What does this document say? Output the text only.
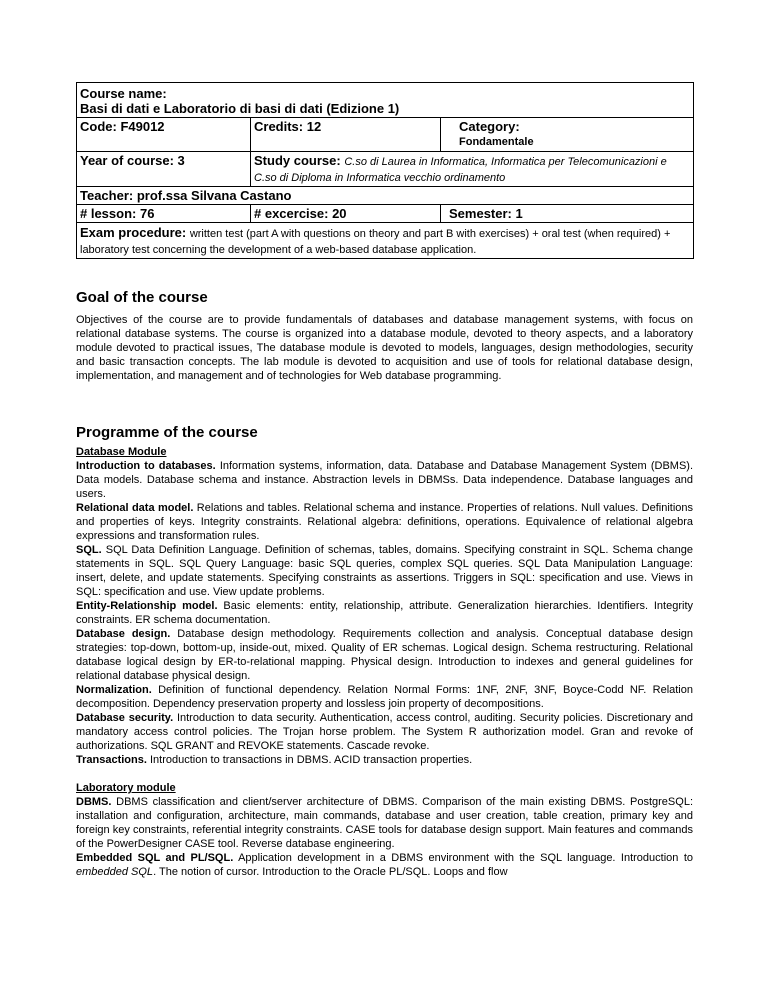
Course name:
Basi di dati e Laboratorio di basi di dati (Edizione 1)		

Code: F49012	Credits: 12	Category:
Fondamentale

Year of course: 3	Study course: C.so di Laurea in Informatica, Informatica per Telecomunicazioni e C.so di Diploma in Informatica vecchio ordinamento	
Teacher: prof.ssa Silvana Castano		
# lesson: 76	# excercise: 20	Semester: 1
Exam procedure: written test (part A with questions on theory and part B with exercises) + oral test (when required) + laboratory test concerning the development of a web-based database application.		
Goal of the course
Objectives of the course are to provide fundamentals of databases and database management systems, with focus on relational database systems. The course is organized into a database module, devoted to theory aspects, and a laboratory module devoted to practical issues, The database module is devoted to models, languages, design methodologies, security and basic transaction concepts. The lab module is devoted to acquisition and use of tools for relational database design, implementation, and management and of technologies for Web database programming.
Programme of the course

Database Module

Introduction to databases. Information systems, information, data. Database and Database Management System (DBMS). Data models. Database schema and instance. Abstraction levels in DBMSs. Data independence. Database languages and users.

Relational data model. Relations and tables. Relational schema and instance. Properties of relations. Null values. Definitions and properties of keys. Integrity constraints. Relational algebra: definitions, operations. Equivalence of relational algebra expressions and transformation rules.

SQL. SQL Data Definition Language. Definition of schemas, tables, domains. Specifying constraint in SQL. Schema change statements in SQL. SQL Query Language: basic SQL queries, complex SQL queries. SQL Data Manipulation Language: insert, delete, and update statements. Specifying constraints as assertions. Triggers in SQL: specification and use. Views in SQL: specification and use. View update problems.

Entity-Relationship model. Basic elements: entity, relationship, attribute. Generalization hierarchies. Identifiers. Integrity constraints. ER schema documentation.

Database design. Database design methodology. Requirements collection and analysis. Conceptual database design strategies: top-down, bottom-up, inside-out, mixed. Quality of ER schemas. Logical design. Schema restructuring. Relational database logical design by ER-to-relational mapping. Physical design. Introduction to indexes and general guidelines for relational database physical design.

Normalization. Definition of functional dependency. Relation Normal Forms: 1NF, 2NF, 3NF, Boyce-Codd NF. Relation decomposition. Dependency preservation property and lossless join property of decompositions.

Database security. Introduction to data security. Authentication, access control, auditing. Security policies. Discretionary and mandatory access control policies. The Trojan horse problem. The System R authorization model. Gran and revoke of authorizations. SQL GRANT and REVOKE statements. Cascade revoke.

Transactions. Introduction to transactions in DBMS. ACID transaction properties.

Laboratory module

DBMS. DBMS classification and client/server architecture of DBMS. Comparison of the main existing DBMS. PostgreSQL: installation and configuration, architecture, main commands, database and user creation, table creation, primary key and foreign key constraints, referential integrity constraints. CASE tools for database design support. Main features and commands of the PowerDesigner CASE tool. Reverse database engineering.

Embedded SQL and PL/SQL. Application development in a DBMS environment with the SQL language. Introduction to embedded SQL. The notion of cursor. Introduction to the Oracle PL/SQL. Loops and flow
